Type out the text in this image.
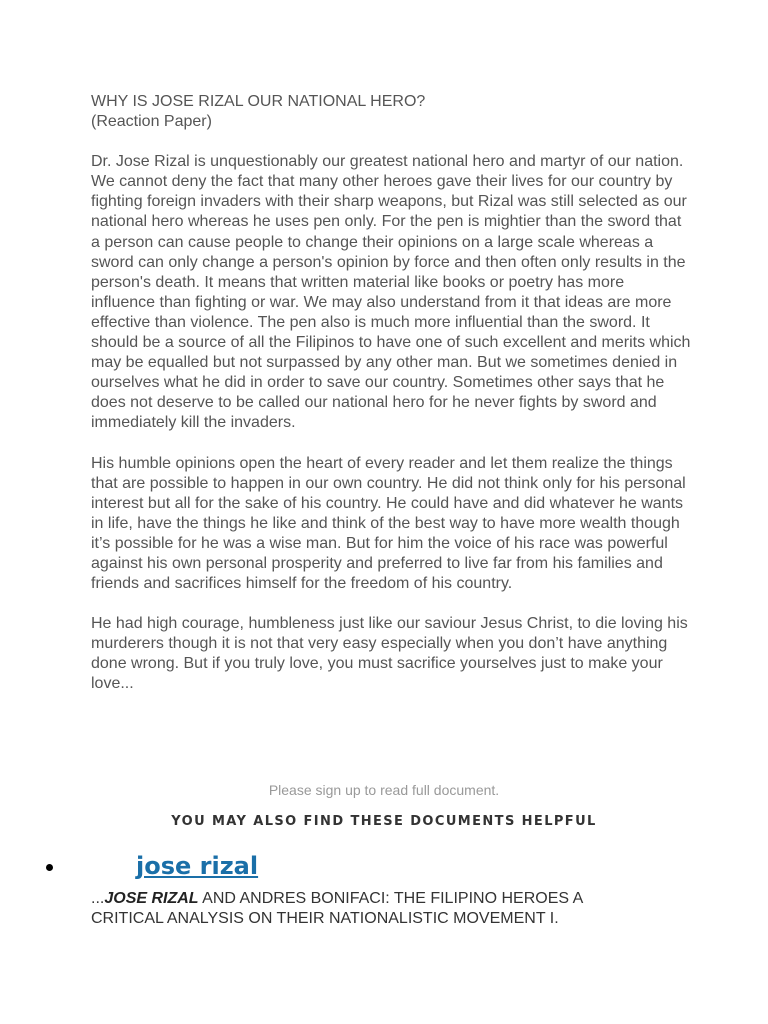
WHY IS JOSE RIZAL OUR NATIONAL HERO?
(Reaction Paper)

Dr. Jose Rizal is unquestionably our greatest national hero and martyr of our nation. We cannot deny the fact that many other heroes gave their lives for our country by fighting foreign invaders with their sharp weapons, but Rizal was still selected as our national hero whereas he uses pen only. For the pen is mightier than the sword that a person can cause people to change their opinions on a large scale whereas a sword can only change a person's opinion by force and then often only results in the person's death. It means that written material like books or poetry has more influence than fighting or war. We may also understand from it that ideas are more effective than violence. The pen also is much more influential than the sword. It should be a source of all the Filipinos to have one of such excellent and merits which may be equalled but not surpassed by any other man. But we sometimes denied in ourselves what he did in order to save our country. Sometimes other says that he does not deserve to be called our national hero for he never fights by sword and immediately kill the invaders.

His humble opinions open the heart of every reader and let them realize the things that are possible to happen in our own country. He did not think only for his personal interest but all for the sake of his country. He could have and did whatever he wants in life, have the things he like and think of the best way to have more wealth though it’s possible for he was a wise man. But for him the voice of his race was powerful against his own personal prosperity and preferred to live far from his families and friends and sacrifices himself for the freedom of his country.

He had high courage, humbleness just like our saviour Jesus Christ, to die loving his murderers though it is not that very easy especially when you don’t have anything done wrong. But if you truly love, you must sacrifice yourselves just to make your love...

Please sign up to read full document.
YOU MAY ALSO FIND THESE DOCUMENTS HELPFUL
jose rizal
...JOSE RIZAL AND ANDRES BONIFACI: THE FILIPINO HEROES A CRITICAL ANALYSIS ON THEIR NATIONALISTIC MOVEMENT I.
